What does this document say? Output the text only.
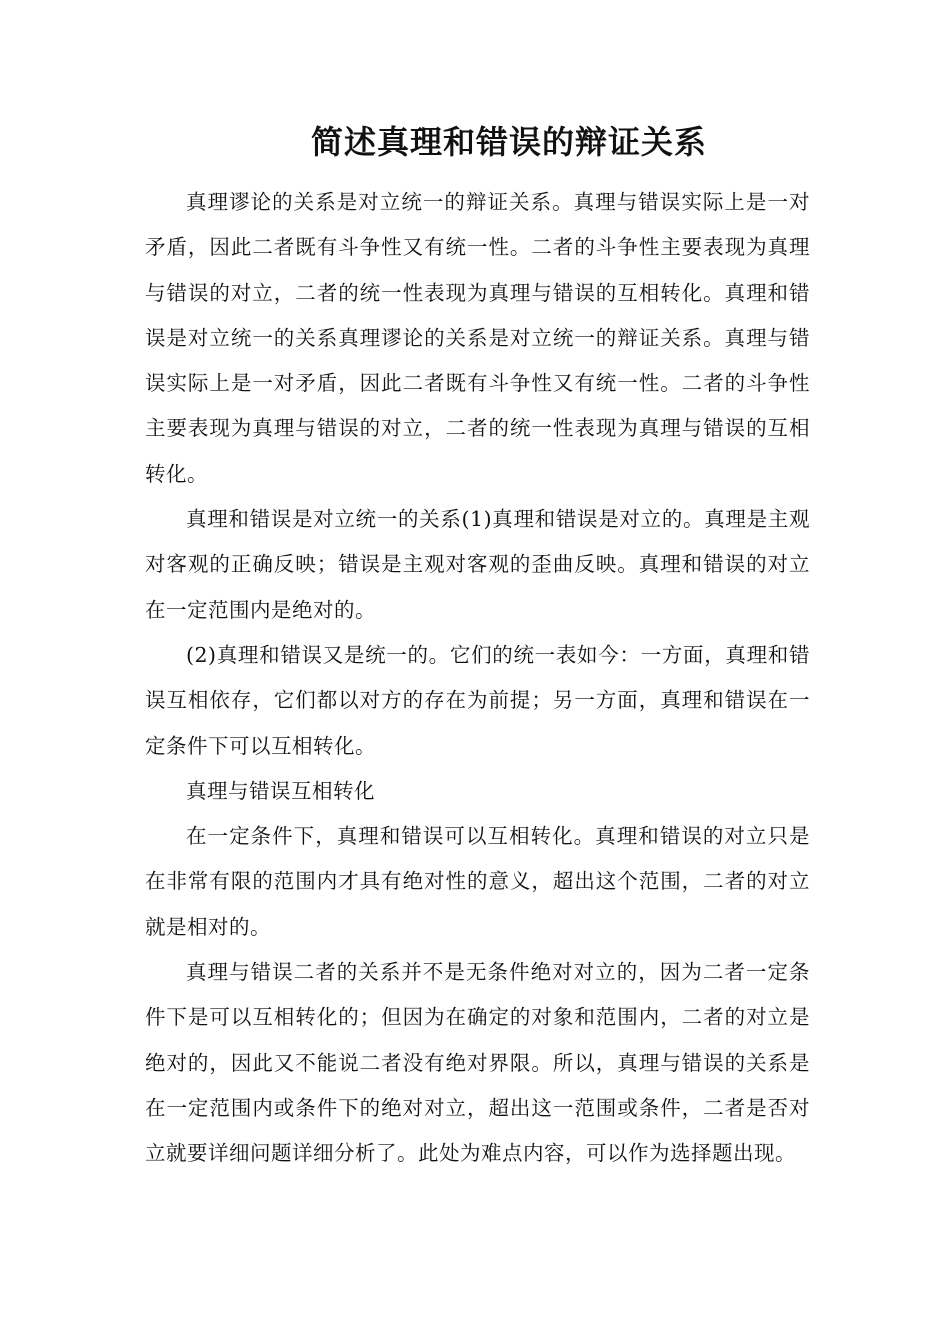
简述真理和错误的辩证关系

真理谬论的关系是对立统一的辩证关系。真理与错误实际上是一对矛盾，因此二者既有斗争性又有统一性。二者的斗争性主要表现为真理与错误的对立，二者的统一性表现为真理与错误的互相转化。真理和错误是对立统一的关系真理谬论的关系是对立统一的辩证关系。真理与错误实际上是一对矛盾，因此二者既有斗争性又有统一性。二者的斗争性主要表现为真理与错误的对立，二者的统一性表现为真理与错误的互相转化。

真理和错误是对立统一的关系(1)真理和错误是对立的。真理是主观对客观的正确反映；错误是主观对客观的歪曲反映。真理和错误的对立在一定范围内是绝对的。

(2)真理和错误又是统一的。它们的统一表如今：一方面，真理和错误互相依存，它们都以对方的存在为前提；另一方面，真理和错误在一定条件下可以互相转化。

真理与错误互相转化

在一定条件下，真理和错误可以互相转化。真理和错误的对立只是在非常有限的范围内才具有绝对性的意义，超出这个范围，二者的对立就是相对的。

真理与错误二者的关系并不是无条件绝对对立的，因为二者一定条件下是可以互相转化的；但因为在确定的对象和范围内，二者的对立是绝对的，因此又不能说二者没有绝对界限。所以，真理与错误的关系是在一定范围内或条件下的绝对对立，超出这一范围或条件，二者是否对立就要详细问题详细分析了。此处为难点内容，可以作为选择题出现。
